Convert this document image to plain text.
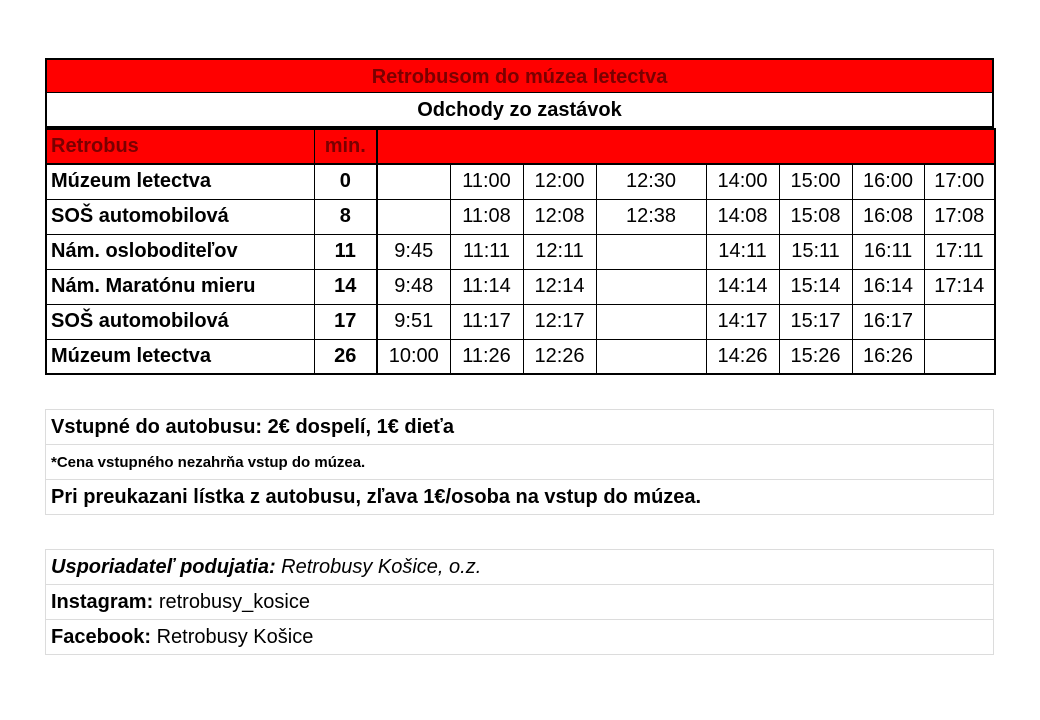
Retrobusom do múzea letectva
Odchody zo zastávok
Retrobus	min.								
Múzeum letectva	0		11:00	12:00	12:30	14:00	15:00	16:00	17:00
SOŠ automobilová	8		11:08	12:08	12:38	14:08	15:08	16:08	17:08
Nám. osloboditeľov	11	9:45	11:11	12:11		14:11	15:11	16:11	17:11
Nám. Maratónu mieru	14	9:48	11:14	12:14		14:14	15:14	16:14	17:14
SOŠ automobilová	17	9:51	11:17	12:17		14:17	15:17	16:17	
Múzeum letectva	26	10:00	11:26	12:26		14:26	15:26	16:26	
Vstupné do autobusu: 2€ dospelí, 1€ dieťa
*Cena vstupného nezahrňa vstup do múzea.
Pri preukazani lístka z autobusu, zľava 1€/osoba na vstup do múzea.
Usporiadateľ podujatia: Retrobusy Košice, o.z.
Instagram: retrobusy_kosice
Facebook: Retrobusy Košice
